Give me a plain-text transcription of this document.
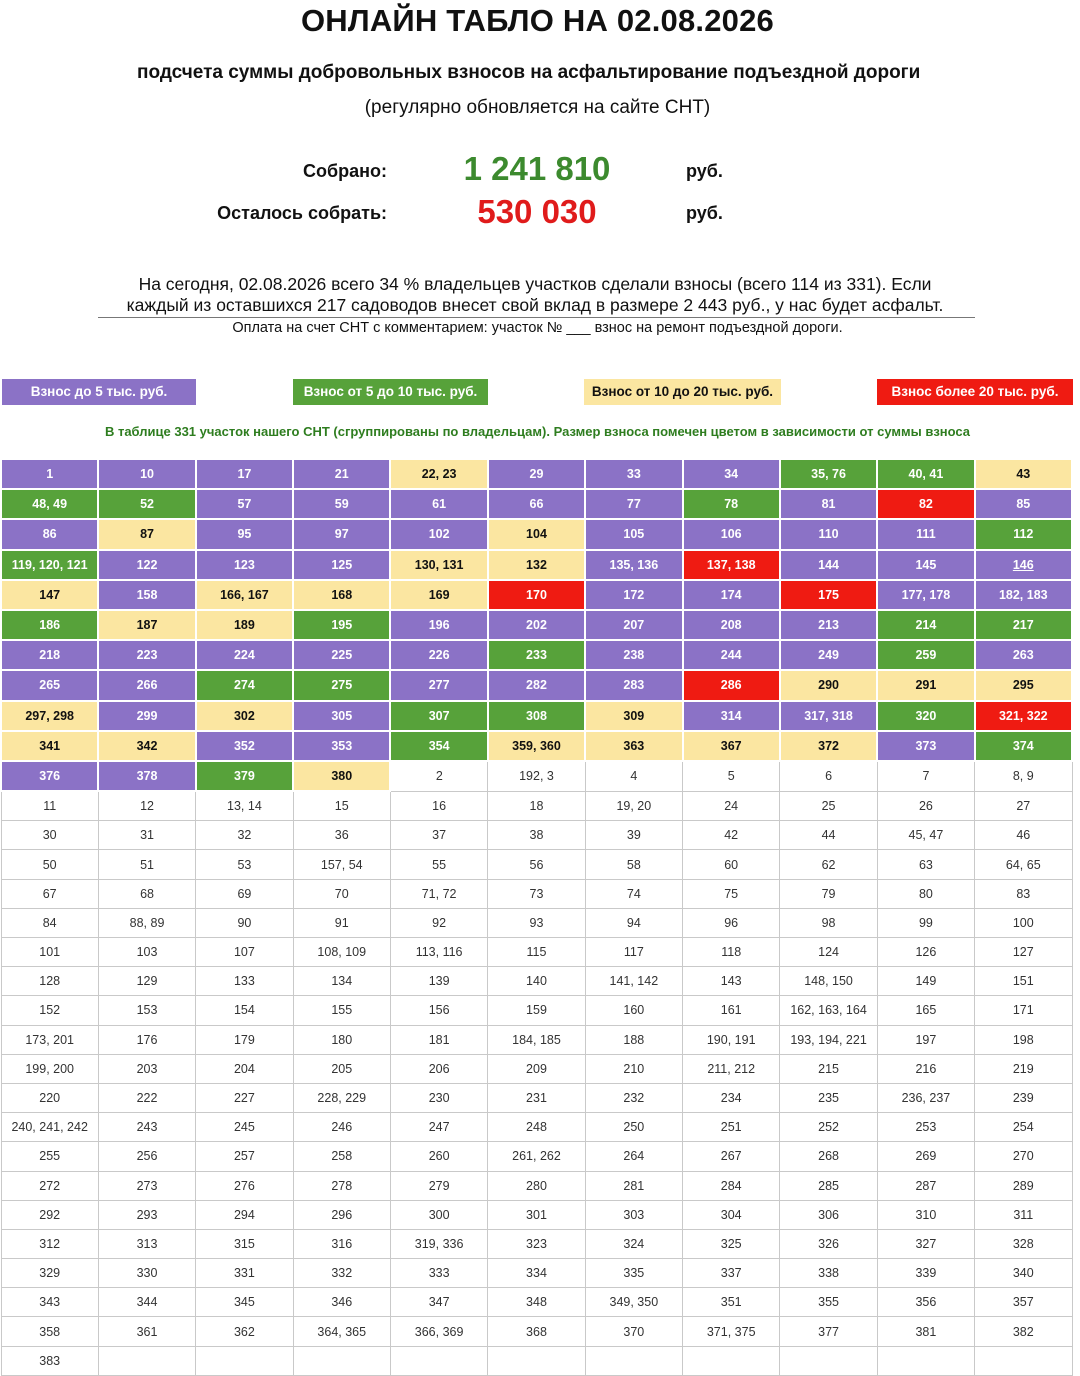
ОНЛАЙН ТАБЛО НА 02.08.2026
подсчета суммы добровольных взносов на асфальтирование подъездной дороги
(регулярно обновляется на сайте СНТ)
Собрано:	1 241 810	руб.
Осталось собрать:	530 030	руб.
На сегодня, 02.08.2026 всего 34 % владельцев участков сделали взносы (всего 114 из 331). Если
каждый из оставшихся 217 садоводов внесет свой вклад в размере 2 443 руб., у нас будет асфальт.
Оплата на счет СНТ с комментарием: участок № ___ взнос на ремонт подъездной дороги.
Взнос до 5 тыс. руб.	Взнос от 5 до 10 тыс. руб.	Взнос от 10 до 20 тыс. руб.	Взнос более 20 тыс. руб.
В таблице 331 участок нашего СНТ (сгруппированы по владельцам). Размер взноса помечен цветом в зависимости от суммы взноса
1	10	17	21	22, 23	29	33	34	35, 76	40, 41	43
48, 49	52	57	59	61	66	77	78	81	82	85
86	87	95	97	102	104	105	106	110	111	112
119, 120, 121	122	123	125	130, 131	132	135, 136	137, 138	144	145	146
147	158	166, 167	168	169	170	172	174	175	177, 178	182, 183
186	187	189	195	196	202	207	208	213	214	217
218	223	224	225	226	233	238	244	249	259	263
265	266	274	275	277	282	283	286	290	291	295
297, 298	299	302	305	307	308	309	314	317, 318	320	321, 322
341	342	352	353	354	359, 360	363	367	372	373	374
376	378	379	380	2	192, 3	4	5	6	7	8, 9
11	12	13, 14	15	16	18	19, 20	24	25	26	27
30	31	32	36	37	38	39	42	44	45, 47	46
50	51	53	157, 54	55	56	58	60	62	63	64, 65
67	68	69	70	71, 72	73	74	75	79	80	83
84	88, 89	90	91	92	93	94	96	98	99	100
101	103	107	108, 109	113, 116	115	117	118	124	126	127
128	129	133	134	139	140	141, 142	143	148, 150	149	151
152	153	154	155	156	159	160	161	162, 163, 164	165	171
173, 201	176	179	180	181	184, 185	188	190, 191	193, 194, 221	197	198
199, 200	203	204	205	206	209	210	211, 212	215	216	219
220	222	227	228, 229	230	231	232	234	235	236, 237	239
240, 241, 242	243	245	246	247	248	250	251	252	253	254
255	256	257	258	260	261, 262	264	267	268	269	270
272	273	276	278	279	280	281	284	285	287	289
292	293	294	296	300	301	303	304	306	310	311
312	313	315	316	319, 336	323	324	325	326	327	328
329	330	331	332	333	334	335	337	338	339	340
343	344	345	346	347	348	349, 350	351	355	356	357
358	361	362	364, 365	366, 369	368	370	371, 375	377	381	382
383										
